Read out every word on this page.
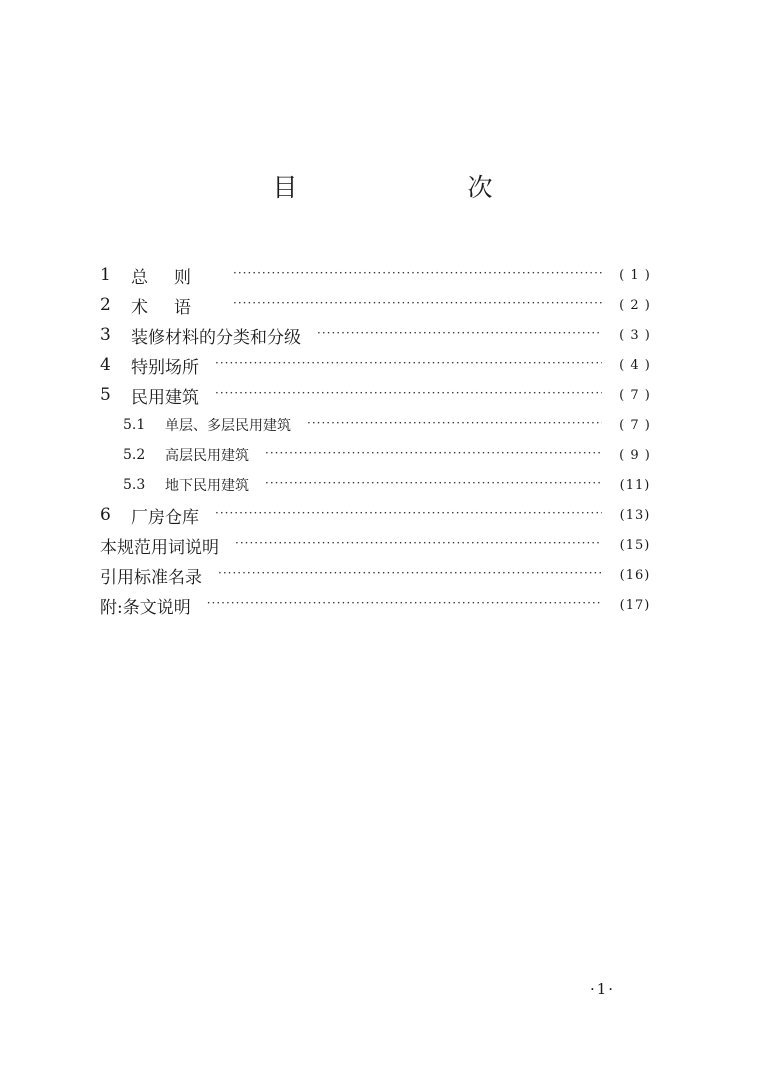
目　　次
1	总则 ·····	( 1 )
2	术语 ·····	( 2 )
3	装修材料的分类和分级 ·····	( 3 )
4	特别场所 ·····	( 4 )
5	民用建筑 ·····	( 7 )
5.1	单层、多层民用建筑 ·····	( 7 )
5.2	高层民用建筑 ·····	( 9 )
5.3	地下民用建筑 ·····	(11)
6	厂房仓库 ·····	(13)
本规范用词说明 ·····	(15)
引用标准名录 ·····	(16)
附:条文说明 ·····	(17)
·1·
